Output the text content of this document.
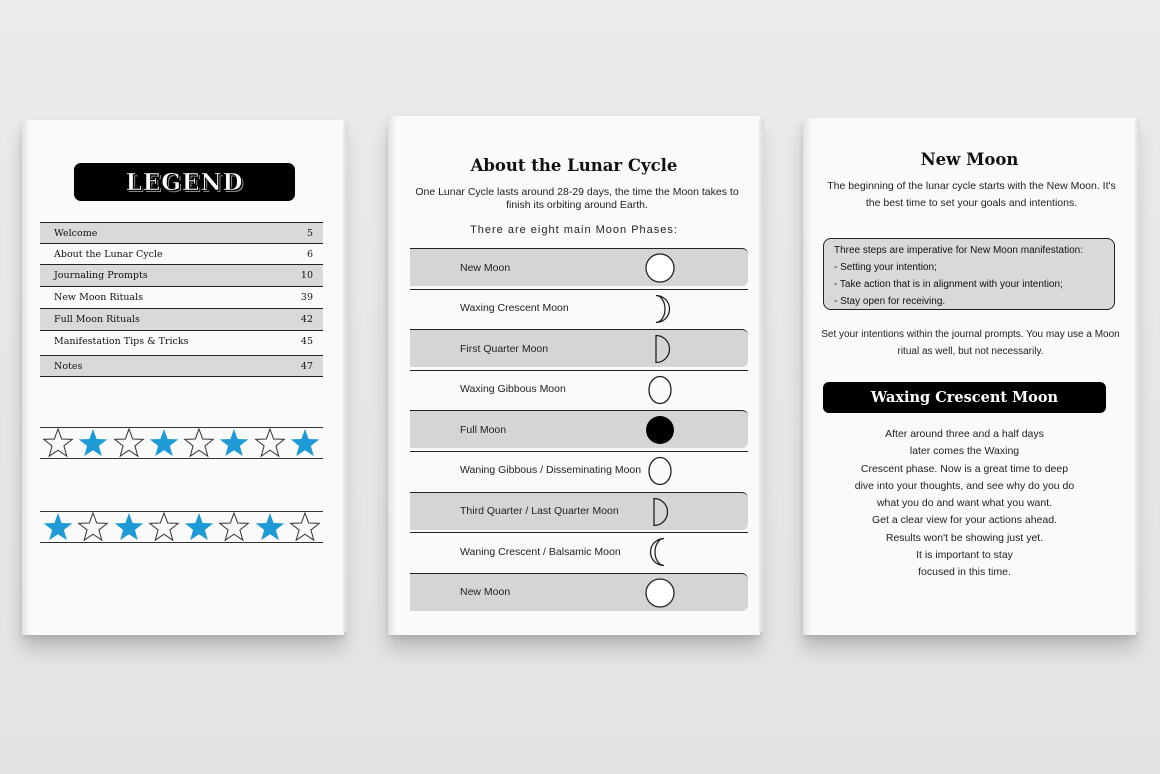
LEGEND
Welcome	5
About the Lunar Cycle	6
Journaling Prompts	10
New Moon Rituals	39
Full Moon Rituals	42
Manifestation Tips & Tricks	45
Notes	47
About the Lunar Cycle
One Lunar Cycle lasts around 28-29 days, the time the Moon takes to finish its orbiting around Earth.
There are eight main Moon Phases:
New Moon
Waxing Crescent Moon
First Quarter Moon
Waxing Gibbous Moon
Full Moon
Waning Gibbous / Disseminating Moon
Third Quarter / Last Quarter Moon
Waning Crescent / Balsamic Moon
New Moon
New Moon
The beginning of the lunar cycle starts with the New Moon. It's the best time to set your goals and intentions.
Three steps are imperative for New Moon manifestation:
- Setting your intention;
- Take action that is in alignment with your intention;
- Stay open for receiving.
Set your intentions within the journal prompts. You may use a Moon ritual as well, but not necessarily.
Waxing Crescent Moon
After around three and a half days
later comes the Waxing
Crescent phase. Now is a great time to deep
dive into your thoughts, and see why do you do
what you do and want what you want.
Get a clear view for your actions ahead.
Results won't be showing just yet.
It is important to stay
focused in this time.
